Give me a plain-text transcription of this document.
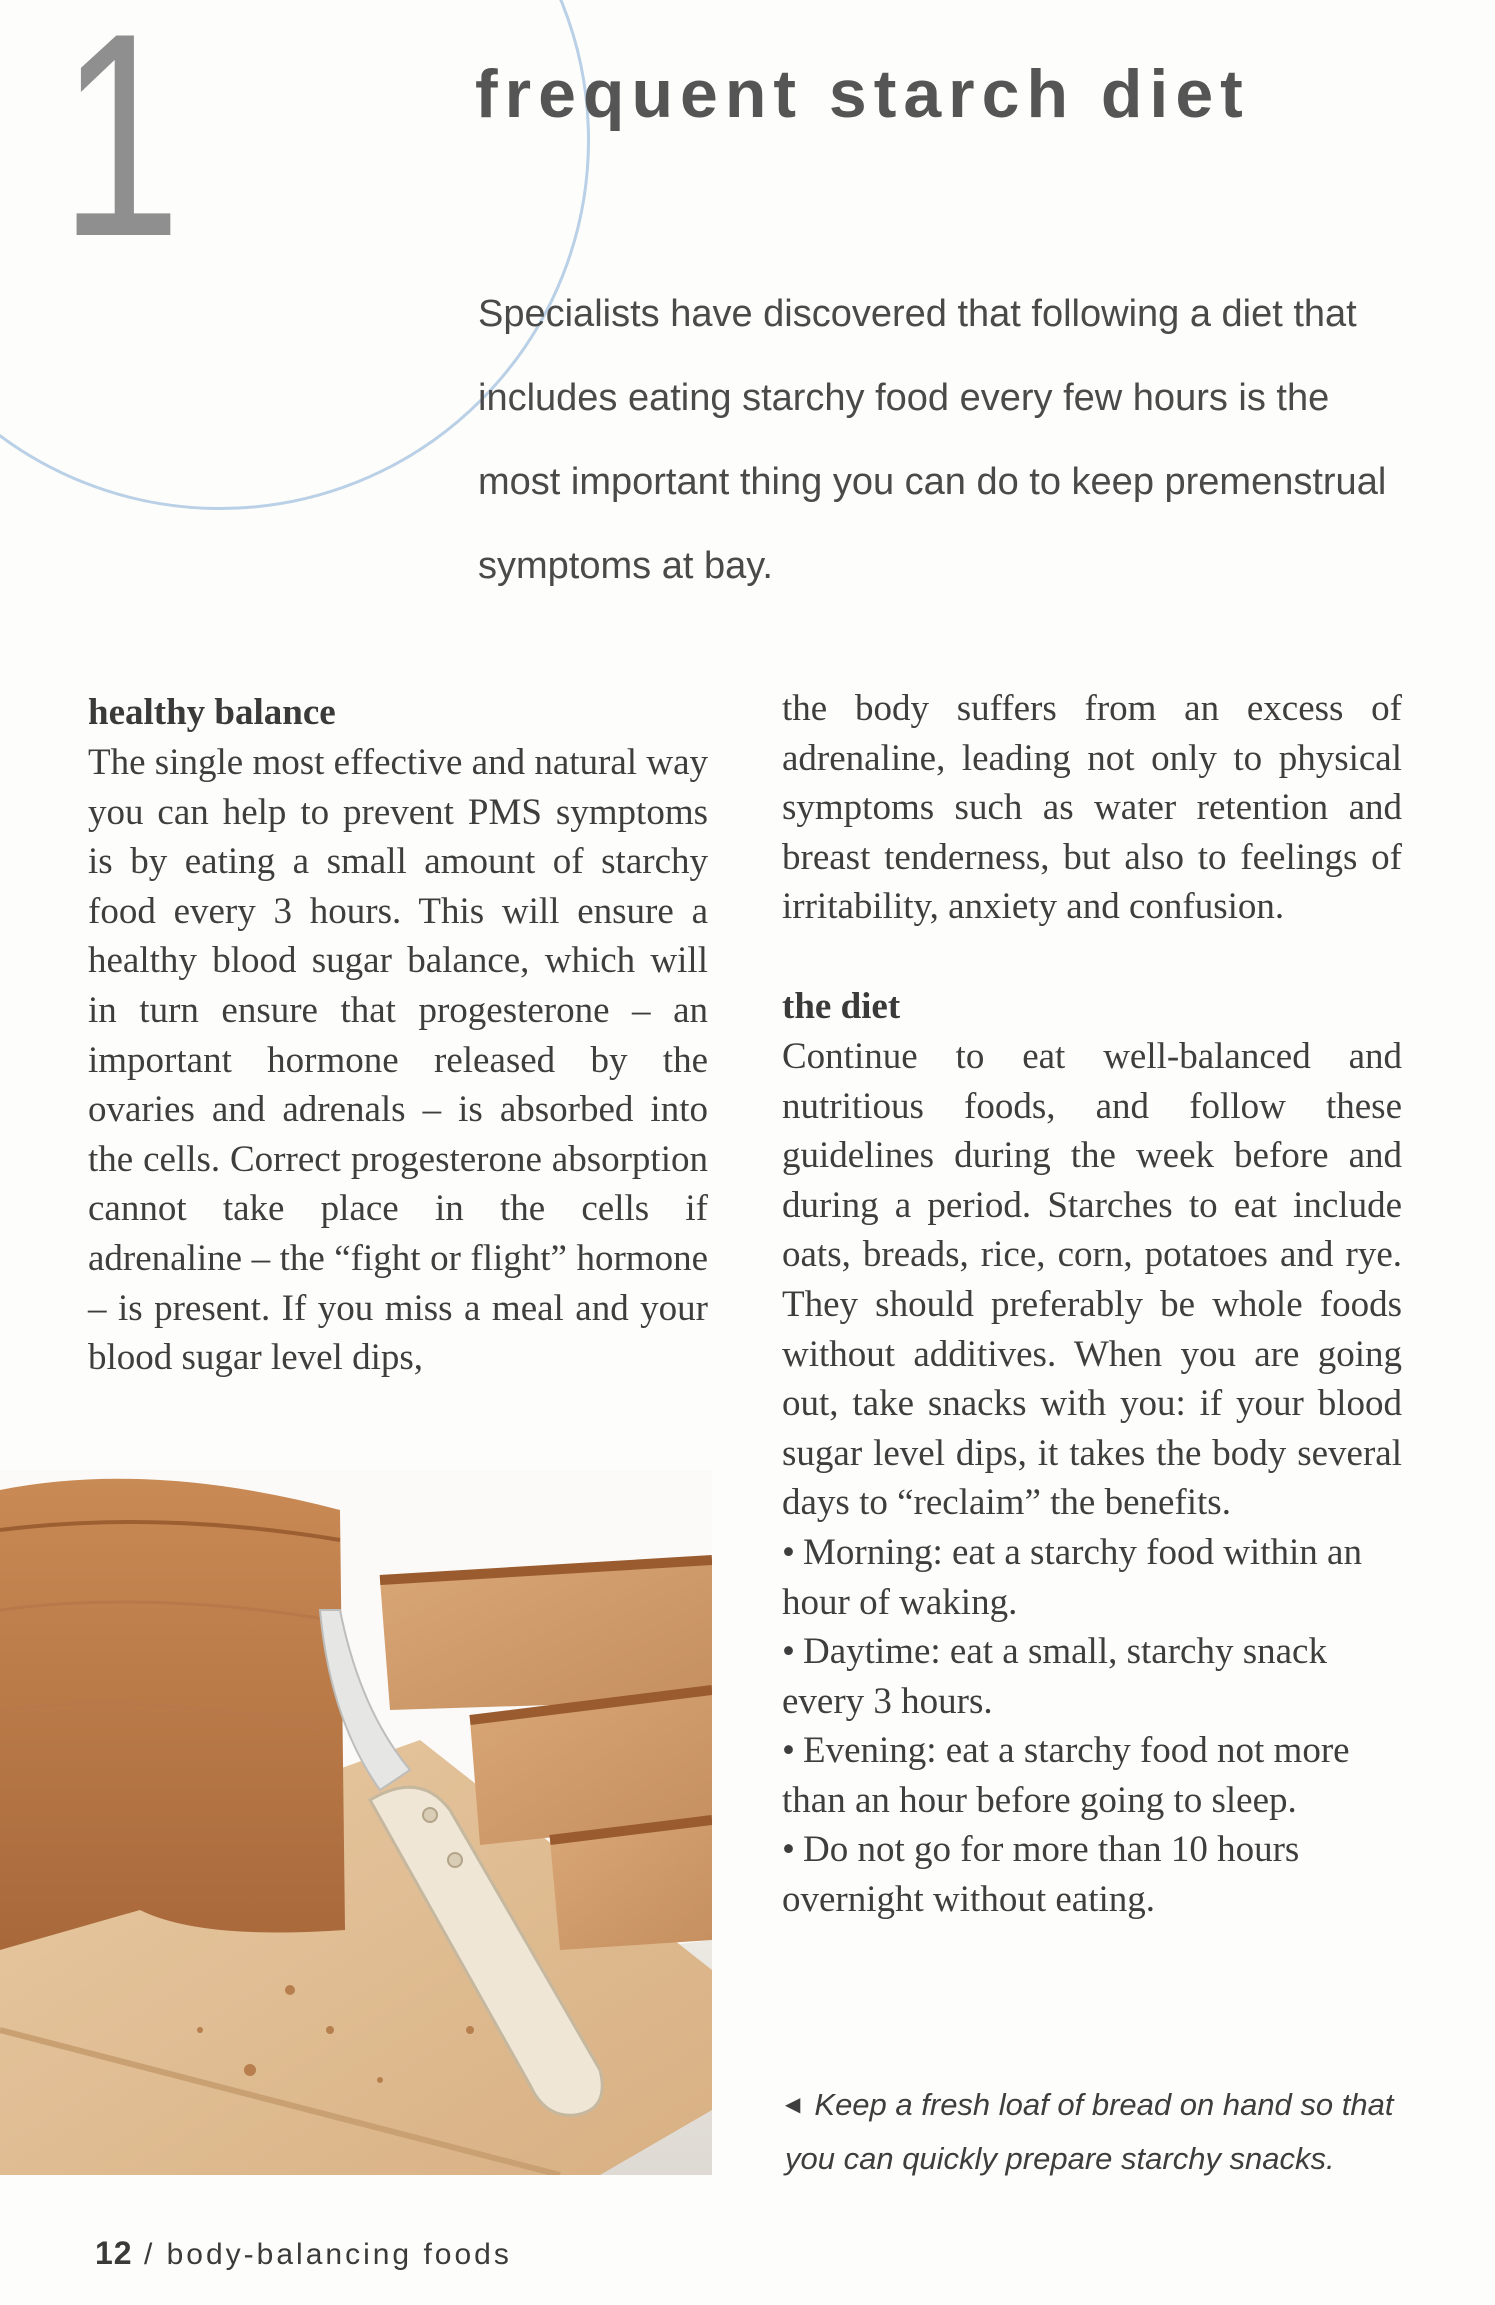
1	frequent starch diet

Specialists have discovered that following a diet that includes eating starchy food every few hours is the most important thing you can do to keep premenstrual symptoms at bay.

healthy balance

The single most effective and natural way you can help to prevent PMS symptoms is by eating a small amount of starchy food every 3 hours. This will ensure a healthy blood sugar balance, which will in turn ensure that progesterone – an important hormone released by the ovaries and adrenals – is absorbed into the cells. Correct progesterone absorption cannot take place in the cells if adrenaline – the “fight or flight” hormone – is present. If you miss a meal and your blood sugar level dips,

the body suffers from an excess of adrenaline, leading not only to physical symptoms such as water retention and breast tenderness, but also to feelings of irritability, anxiety and confusion.

the diet

Continue to eat well-balanced and nutritious foods, and follow these guidelines during the week before and during a period. Starches to eat include oats, breads, rice, corn, potatoes and rye. They should preferably be whole foods without additives. When you are going out, take snacks with you: if your blood sugar level dips, it takes the body several days to “reclaim” the benefits.

• Morning: eat a starchy food within an hour of waking.
• Daytime: eat a small, starchy snack every 3 hours.
• Evening: eat a starchy food not more than an hour before going to sleep.
• Do not go for more than 10 hours overnight without eating.

◀ Keep a fresh loaf of bread on hand so that you can quickly prepare starchy snacks.

12 / body-balancing foods
